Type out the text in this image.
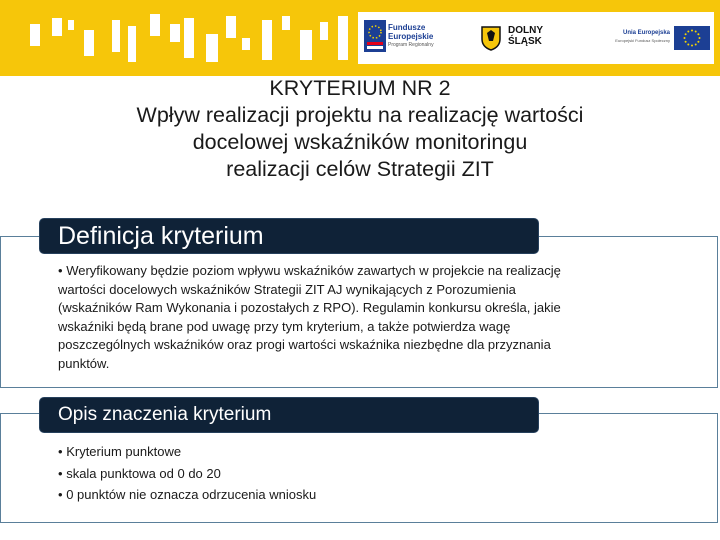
Fundusze
Europejskie
Program Regionalny
DOLNY
ŚLĄSK
Unia Europejska
Europejski Fundusz Społeczny
KRYTERIUM NR 2
Wpływ realizacji projektu na realizację wartości
docelowej wskaźników monitoringu
realizacji celów Strategii ZIT
Definicja kryterium
• Weryfikowany będzie poziom wpływu wskaźników zawartych w projekcie na realizację
wartości docelowych wskaźników Strategii ZIT AJ wynikających z Porozumienia
(wskaźników Ram Wykonania i pozostałych z RPO). Regulamin konkursu określa, jakie
wskaźniki będą brane pod uwagę przy tym kryterium, a także potwierdza wagę
poszczególnych wskaźników oraz progi wartości wskaźnika niezbędne dla przyznania
punktów.
Opis znaczenia kryterium
• Kryterium punktowe
• skala punktowa od 0 do 20
• 0 punktów nie oznacza odrzucenia wniosku
